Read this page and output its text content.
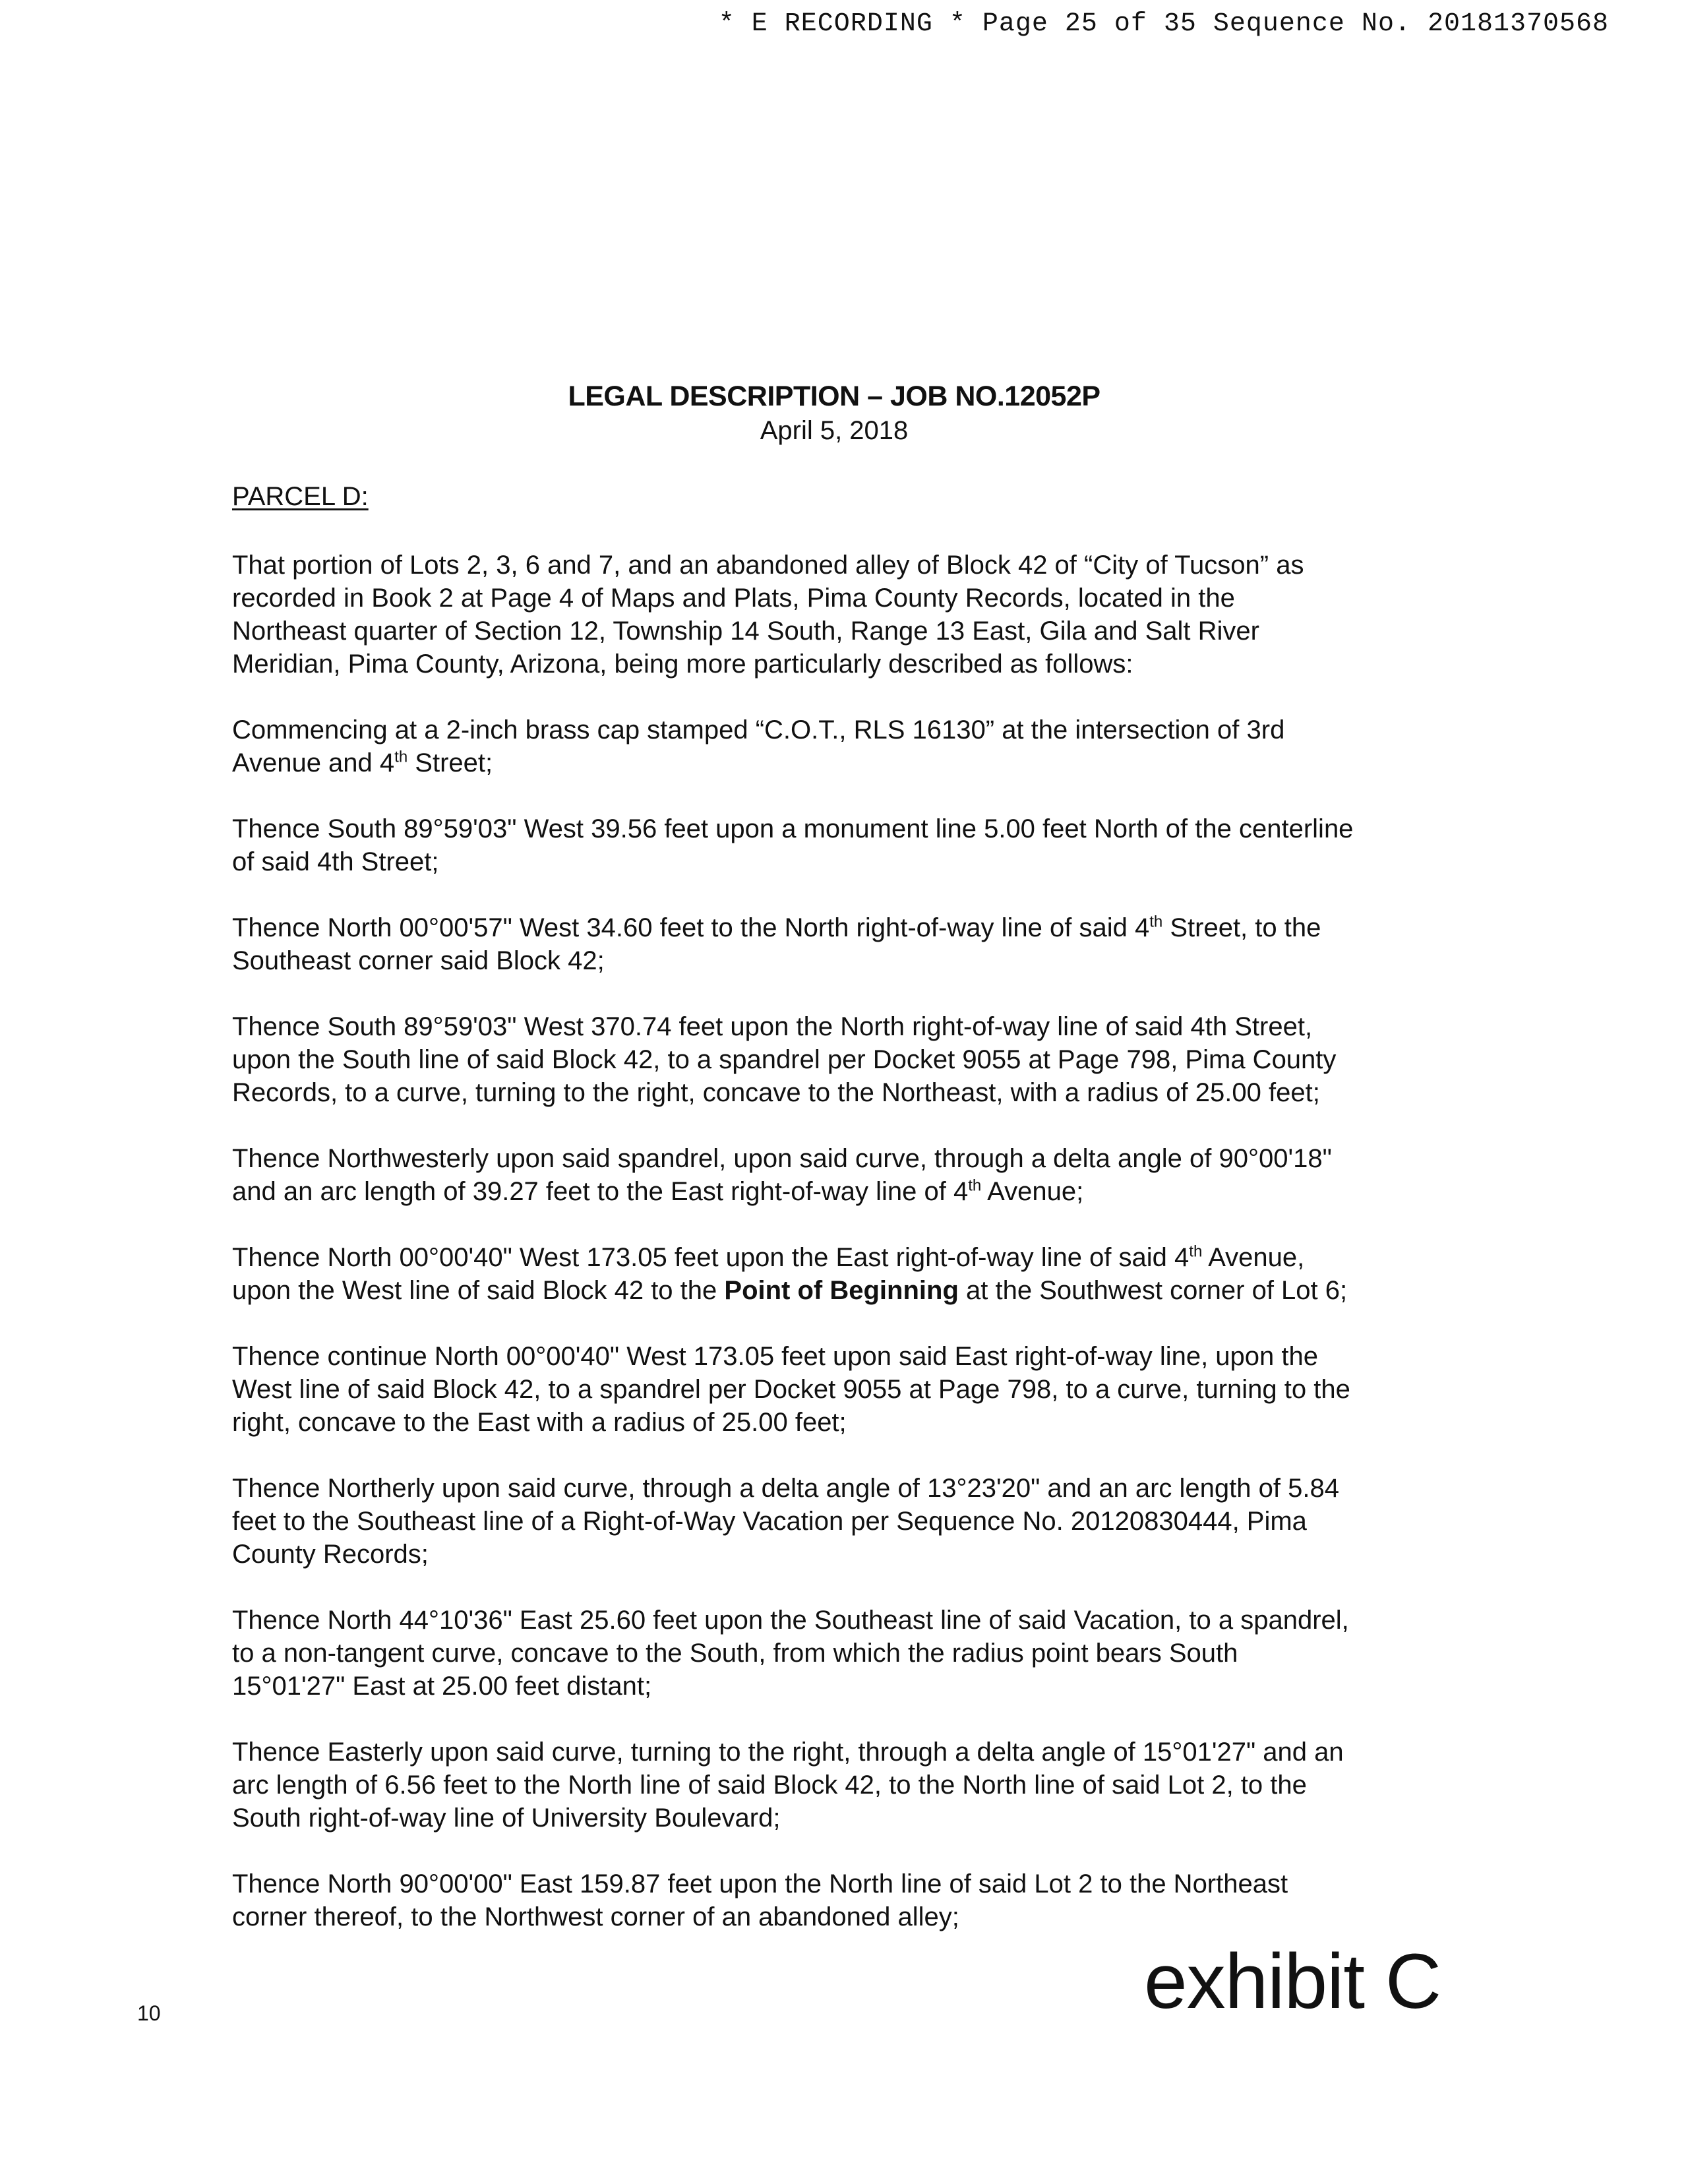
* E RECORDING * Page 25 of 35 Sequence No. 20181370568
LEGAL DESCRIPTION – JOB NO.12052P
April 5, 2018
PARCEL D:

That portion of Lots 2, 3, 6 and 7, and an abandoned alley of Block 42 of “City of Tucson” as
recorded in Book 2 at Page 4 of Maps and Plats, Pima County Records, located in the
Northeast quarter of Section 12, Township 14 South, Range 13 East, Gila and Salt River
Meridian, Pima County, Arizona, being more particularly described as follows:

Commencing at a 2-inch brass cap stamped “C.O.T., RLS 16130” at the intersection of 3rd
Avenue and 4th Street;

Thence South 89°59'03" West 39.56 feet upon a monument line 5.00 feet North of the centerline
of said 4th Street;

Thence North 00°00'57" West 34.60 feet to the North right-of-way line of said 4th Street, to the
Southeast corner said Block 42;

Thence South 89°59'03" West 370.74 feet upon the North right-of-way line of said 4th Street,
upon the South line of said Block 42, to a spandrel per Docket 9055 at Page 798, Pima County
Records, to a curve, turning to the right, concave to the Northeast, with a radius of 25.00 feet;

Thence Northwesterly upon said spandrel, upon said curve, through a delta angle of 90°00'18"
and an arc length of 39.27 feet to the East right-of-way line of 4th Avenue;

Thence North 00°00'40" West 173.05 feet upon the East right-of-way line of said 4th Avenue,
upon the West line of said Block 42 to the Point of Beginning at the Southwest corner of Lot 6;

Thence continue North 00°00'40" West 173.05 feet upon said East right-of-way line, upon the
West line of said Block 42, to a spandrel per Docket 9055 at Page 798, to a curve, turning to the
right, concave to the East with a radius of 25.00 feet;

Thence Northerly upon said curve, through a delta angle of 13°23'20" and an arc length of 5.84
feet to the Southeast line of a Right-of-Way Vacation per Sequence No. 20120830444, Pima
County Records;

Thence North 44°10'36" East 25.60 feet upon the Southeast line of said Vacation, to a spandrel,
to a non-tangent curve, concave to the South, from which the radius point bears South
15°01'27" East at 25.00 feet distant;

Thence Easterly upon said curve, turning to the right, through a delta angle of 15°01'27" and an
arc length of 6.56 feet to the North line of said Block 42, to the North line of said Lot 2, to the
South right-of-way line of University Boulevard;

Thence North 90°00'00" East 159.87 feet upon the North line of said Lot 2 to the Northeast
corner thereof, to the Northwest corner of an abandoned alley;

10	exhibit C
